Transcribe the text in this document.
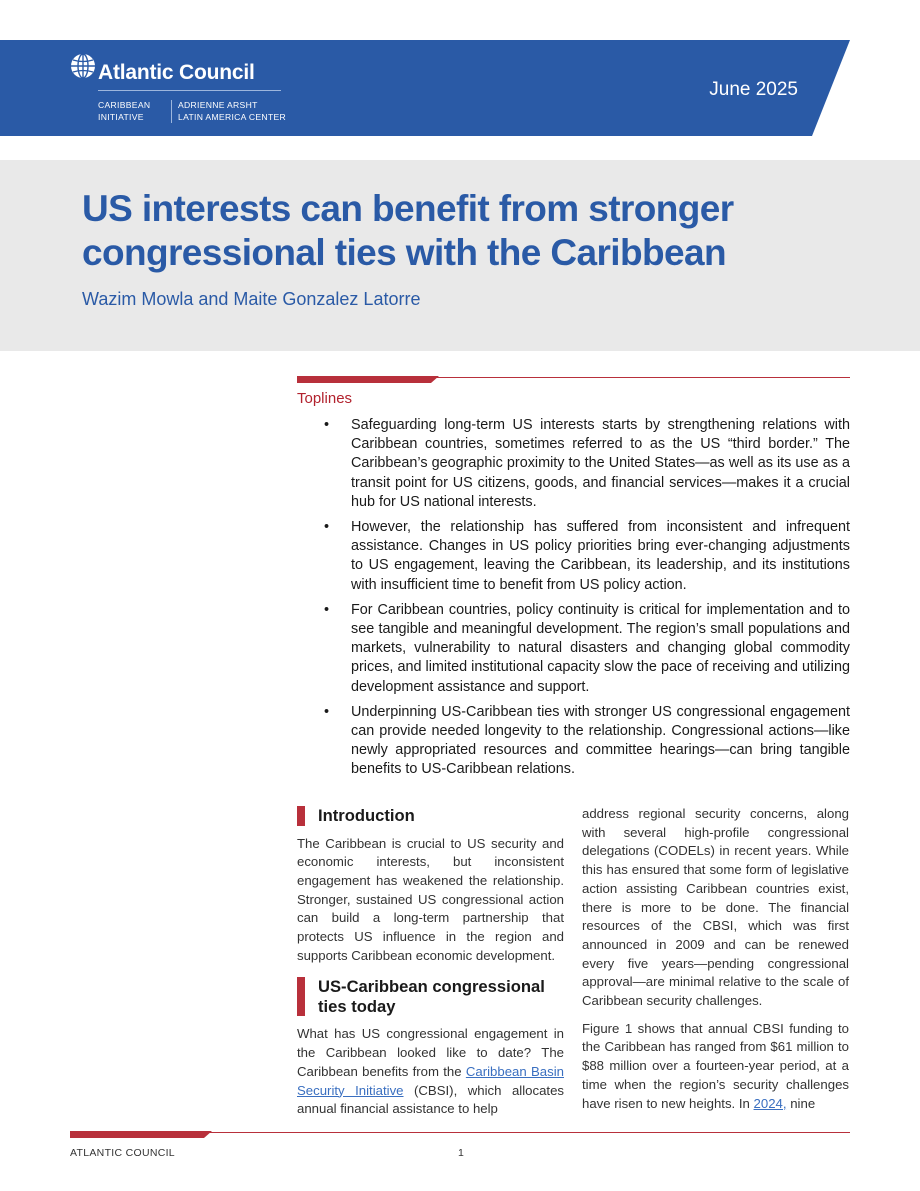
Atlantic Council
CARIBBEAN
INITIATIVE
ADRIENNE ARSHT
LATIN AMERICA CENTER
June 2025
US interests can benefit from stronger congressional ties with the Caribbean
Wazim Mowla and Maite Gonzalez Latorre
Toplines
• Safeguarding long-term US interests starts by strengthening relations with Caribbean countries, sometimes referred to as the US “third border.” The Caribbean’s geographic proximity to the United States—as well as its use as a transit point for US citizens, goods, and financial services—makes it a crucial hub for US national interests.
• However, the relationship has suffered from inconsistent and infrequent assistance. Changes in US policy priorities bring ever-changing adjustments to US engagement, leaving the Caribbean, its leadership, and its institutions with insufficient time to benefit from US policy action.
• For Caribbean countries, policy continuity is critical for implementation and to see tangible and meaningful development. The region’s small populations and markets, vulnerability to natural disasters and changing global commodity prices, and limited institutional capacity slow the pace of receiving and utilizing development assistance and support.
• Underpinning US-Caribbean ties with stronger US congressional engagement can provide needed longevity to the relationship. Congressional actions—like newly appropriated resources and committee hearings—can bring tangible benefits to US-Caribbean relations.
Introduction

The Caribbean is crucial to US security and economic interests, but inconsistent engagement has weakened the relationship. Stronger, sustained US congressional action can build a long-term partnership that protects US influence in the region and supports Caribbean economic development.

US-Caribbean congressional ties today

What has US congressional engagement in the Caribbean looked like to date? The Caribbean benefits from the Caribbean Basin Security Initiative (CBSI), which allocates annual financial assistance to help

address regional security concerns, along with several high-profile congressional delegations (CODELs) in recent years. While this has ensured that some form of legislative action assisting Caribbean countries exist, there is more to be done. The financial resources of the CBSI, which was first announced in 2009 and can be renewed every five years—pending congressional approval—are minimal relative to the scale of Caribbean security challenges.

Figure 1 shows that annual CBSI funding to the Caribbean has ranged from $61 million to $88 million over a fourteen-year period, at a time when the region’s security challenges have risen to new heights. In 2024, nine

ATLANTIC COUNCIL	1
